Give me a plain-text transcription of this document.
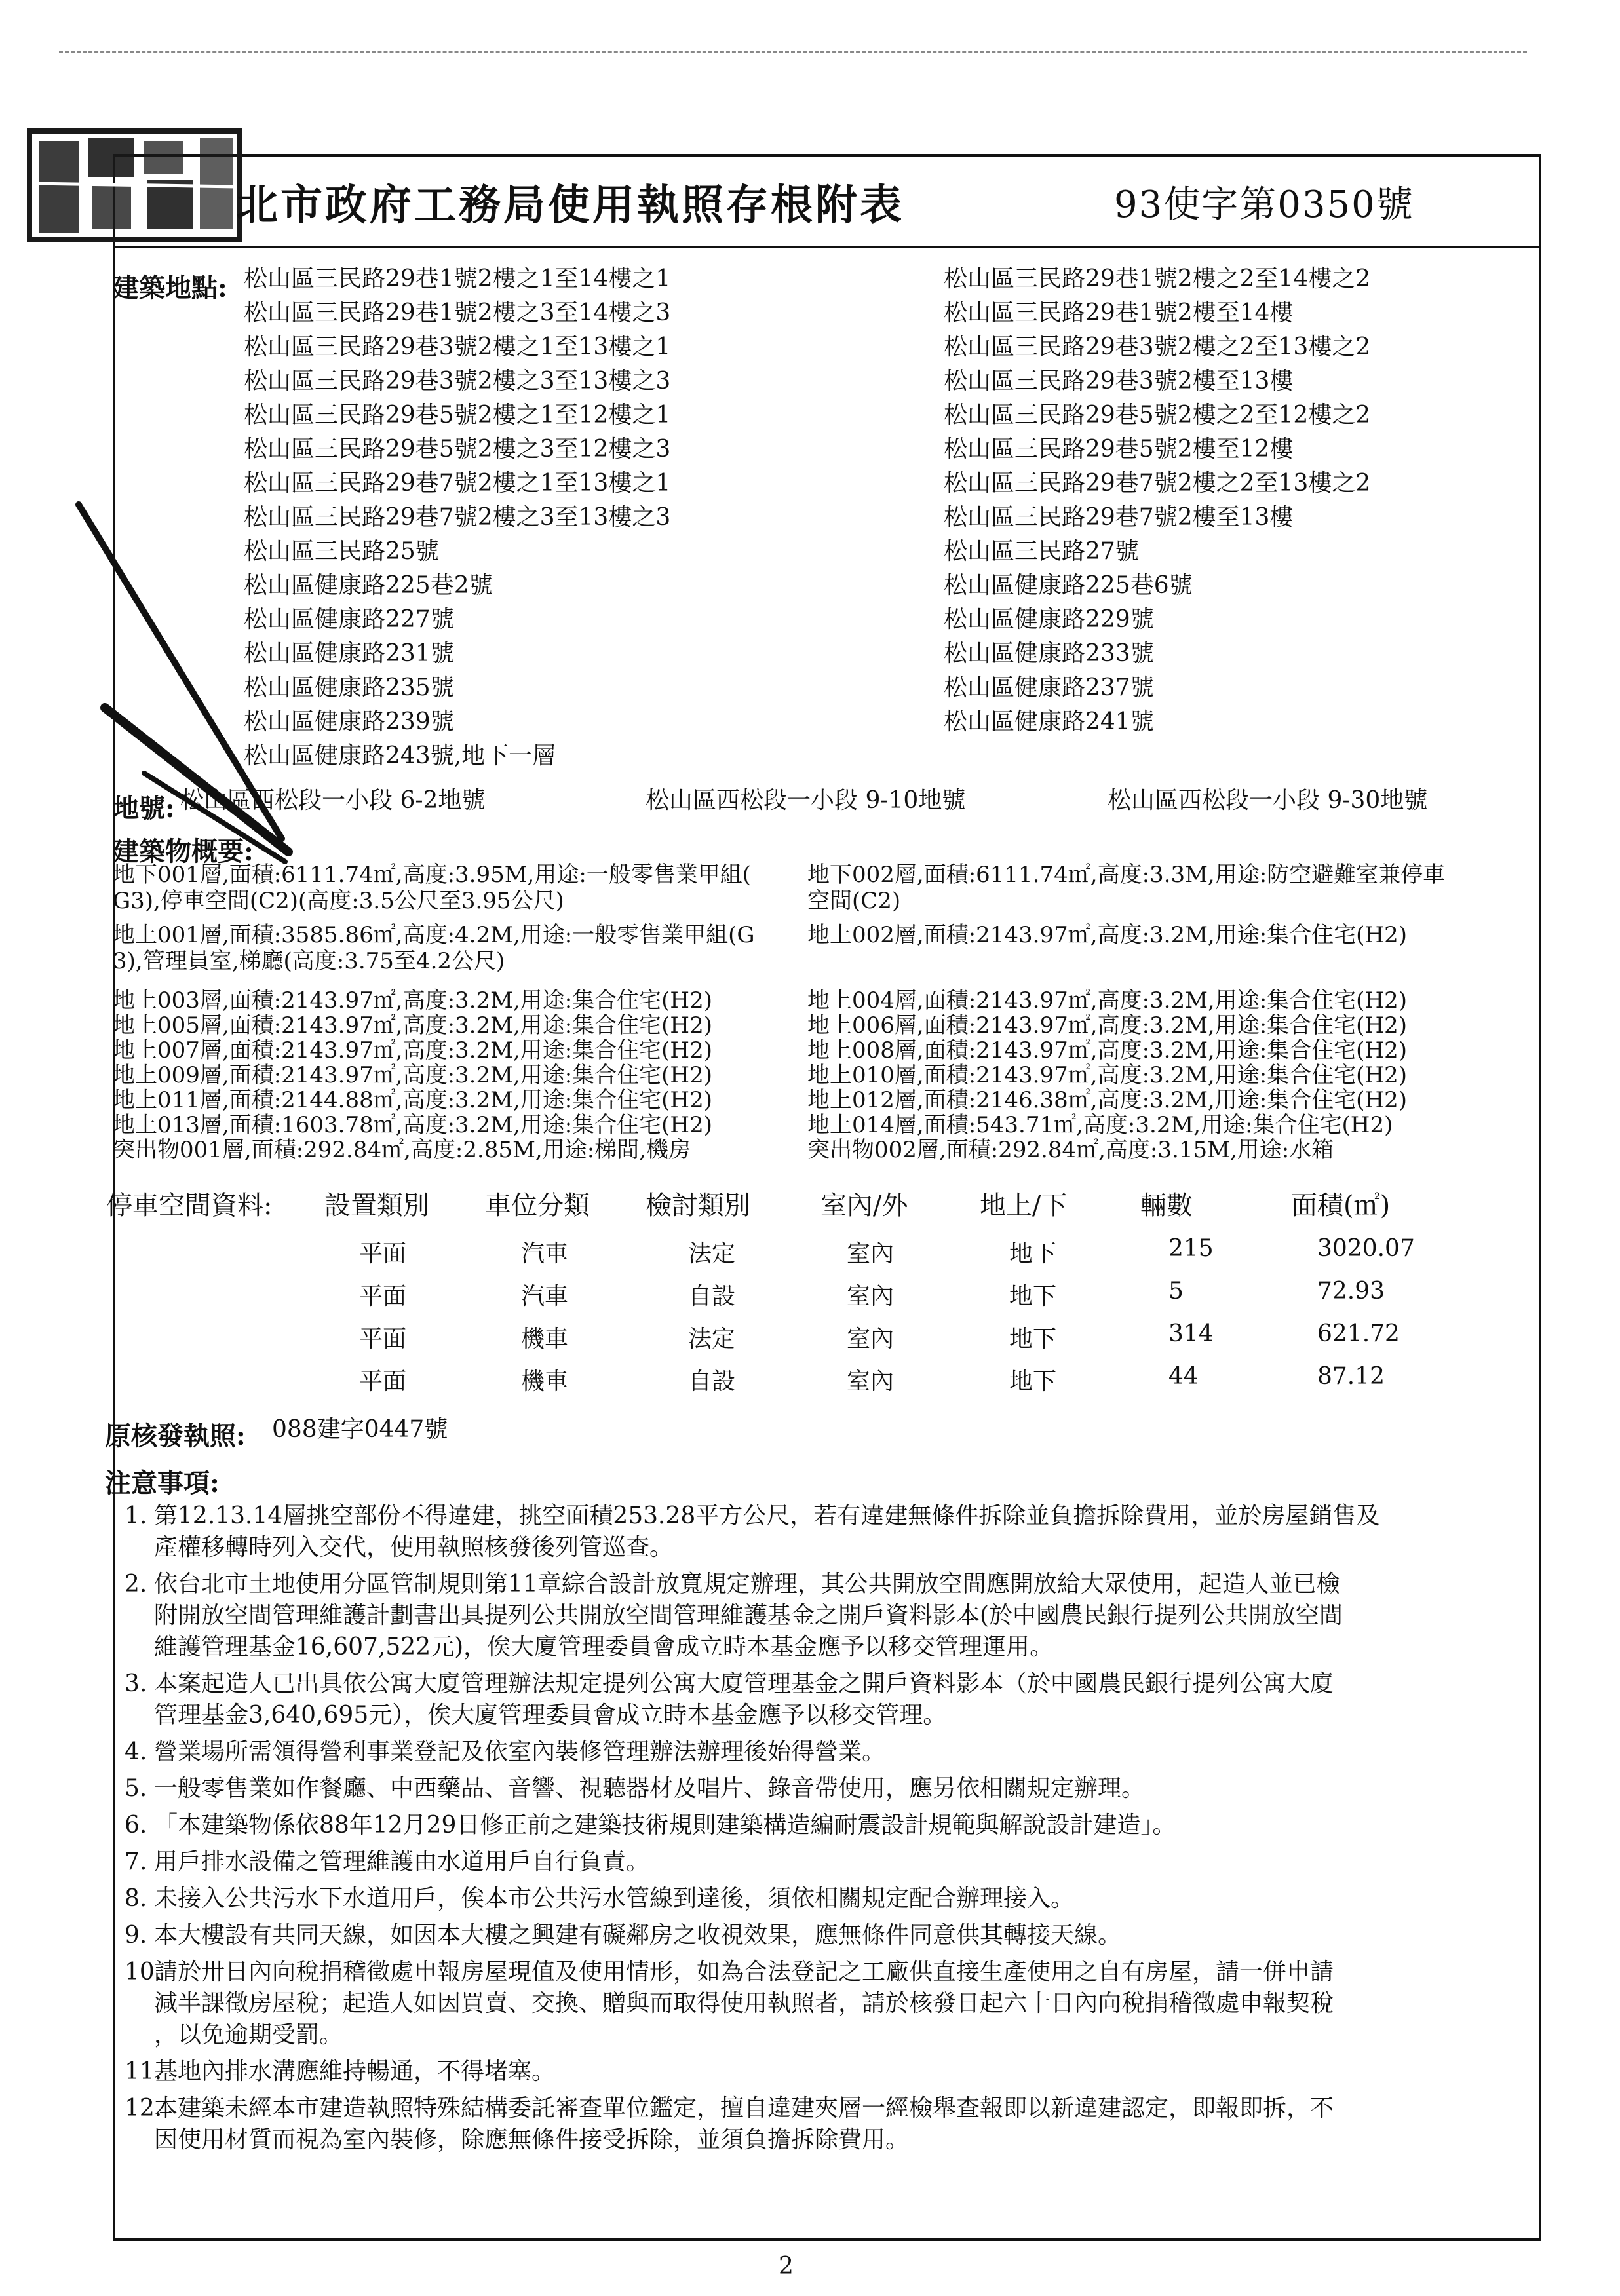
北市政府工務局使用執照存根附表	93使字第0350號
建築地點: 松山區三民路29巷1號2樓之1至14樓之1
松山區三民路29巷1號2樓之3至14樓之3
松山區三民路29巷3號2樓之1至13樓之1
松山區三民路29巷3號2樓之3至13樓之3
松山區三民路29巷5號2樓之1至12樓之1
松山區三民路29巷5號2樓之3至12樓之3
松山區三民路29巷7號2樓之1至13樓之1
松山區三民路29巷7號2樓之3至13樓之3
松山區三民路25號
松山區健康路225巷2號
松山區健康路227號
松山區健康路231號
松山區健康路235號
松山區健康路239號
松山區健康路243號,地下一層
松山區三民路29巷1號2樓之2至14樓之2
松山區三民路29巷1號2樓至14樓
松山區三民路29巷3號2樓之2至13樓之2
松山區三民路29巷3號2樓至13樓
松山區三民路29巷5號2樓之2至12樓之2
松山區三民路29巷5號2樓至12樓
松山區三民路29巷7號2樓之2至13樓之2
松山區三民路29巷7號2樓至13樓
松山區三民路27號
松山區健康路225巷6號
松山區健康路229號
松山區健康路233號
松山區健康路237號
松山區健康路241號
地號: 松山區西松段一小段 6-2地號	松山區西松段一小段 9-10地號	松山區西松段一小段 9-30地號
建築物概要:
地下001層,面積:6111.74㎡,高度:3.95M,用途:一般零售業甲組(
G3),停車空間(C2)(高度:3.5公尺至3.95公尺)
地下002層,面積:6111.74㎡,高度:3.3M,用途:防空避難室兼停車
空間(C2)
地上001層,面積:3585.86㎡,高度:4.2M,用途:一般零售業甲組(G
3),管理員室,梯廳(高度:3.75至4.2公尺)
地上002層,面積:2143.97㎡,高度:3.2M,用途:集合住宅(H2)
地上003層,面積:2143.97㎡,高度:3.2M,用途:集合住宅(H2)
地上005層,面積:2143.97㎡,高度:3.2M,用途:集合住宅(H2)
地上007層,面積:2143.97㎡,高度:3.2M,用途:集合住宅(H2)
地上009層,面積:2143.97㎡,高度:3.2M,用途:集合住宅(H2)
地上011層,面積:2144.88㎡,高度:3.2M,用途:集合住宅(H2)
地上013層,面積:1603.78㎡,高度:3.2M,用途:集合住宅(H2)
突出物001層,面積:292.84㎡,高度:2.85M,用途:梯間,機房
地上004層,面積:2143.97㎡,高度:3.2M,用途:集合住宅(H2)
地上006層,面積:2143.97㎡,高度:3.2M,用途:集合住宅(H2)
地上008層,面積:2143.97㎡,高度:3.2M,用途:集合住宅(H2)
地上010層,面積:2143.97㎡,高度:3.2M,用途:集合住宅(H2)
地上012層,面積:2146.38㎡,高度:3.2M,用途:集合住宅(H2)
地上014層,面積:543.71㎡,高度:3.2M,用途:集合住宅(H2)
突出物002層,面積:292.84㎡,高度:3.15M,用途:水箱
停車空間資料: 設置類別 車位分類 檢討類別	室內/外	地上/下	輛數	面積(㎡)
平面	汽車	法定	室內	地下	215	3020.07
平面	汽車	自設	室內	地下	5	72.93
平面	機車	法定	室內	地下	314	621.72
平面	機車	自設	室內	地下	44	87.12
原核發執照: 088建字0447號
注意事項:
1. 第12.13.14層挑空部份不得違建，挑空面積253.28平方公尺，若有違建無條件拆除並負擔拆除費用，並於房屋銷售及
產權移轉時列入交代，使用執照核發後列管巡查。
2. 依台北市土地使用分區管制規則第11章綜合設計放寬規定辦理，其公共開放空間應開放給大眾使用，起造人並已檢
附開放空間管理維護計劃書出具提列公共開放空間管理維護基金之開戶資料影本(於中國農民銀行提列公共開放空間
維護管理基金16,607,522元)，俟大廈管理委員會成立時本基金應予以移交管理運用。
3. 本案起造人已出具依公寓大廈管理辦法規定提列公寓大廈管理基金之開戶資料影本（於中國農民銀行提列公寓大廈
管理基金3,640,695元），俟大廈管理委員會成立時本基金應予以移交管理。
4. 營業場所需領得營利事業登記及依室內裝修管理辦法辦理後始得營業。
5. 一般零售業如作餐廳、中西藥品、音響、視聽器材及唱片、錄音帶使用，應另依相關規定辦理。
6. 「本建築物係依88年12月29日修正前之建築技術規則建築構造編耐震設計規範與解說設計建造」。
7. 用戶排水設備之管理維護由水道用戶自行負責。
8. 未接入公共污水下水道用戶，俟本市公共污水管線到達後，須依相關規定配合辦理接入。
9. 本大樓設有共同天線，如因本大樓之興建有礙鄰房之收視效果，應無條件同意供其轉接天線。
10.
請於卅日內向稅捐稽徵處申報房屋現值及使用情形，如為合法登記之工廠供直接生產使用之自有房屋，請一併申請
減半課徵房屋稅；起造人如因買賣、交換、贈與而取得使用執照者，請於核發日起六十日內向稅捐稽徵處申報契稅
，以免逾期受罰。
11.
基地內排水溝應維持暢通，不得堵塞。
12.
本建築未經本市建造執照特殊結構委託審查單位鑑定，擅自違建夾層一經檢舉查報即以新違建認定，即報即拆，不
因使用材質而視為室內裝修，除應無條件接受拆除，並須負擔拆除費用。
2
